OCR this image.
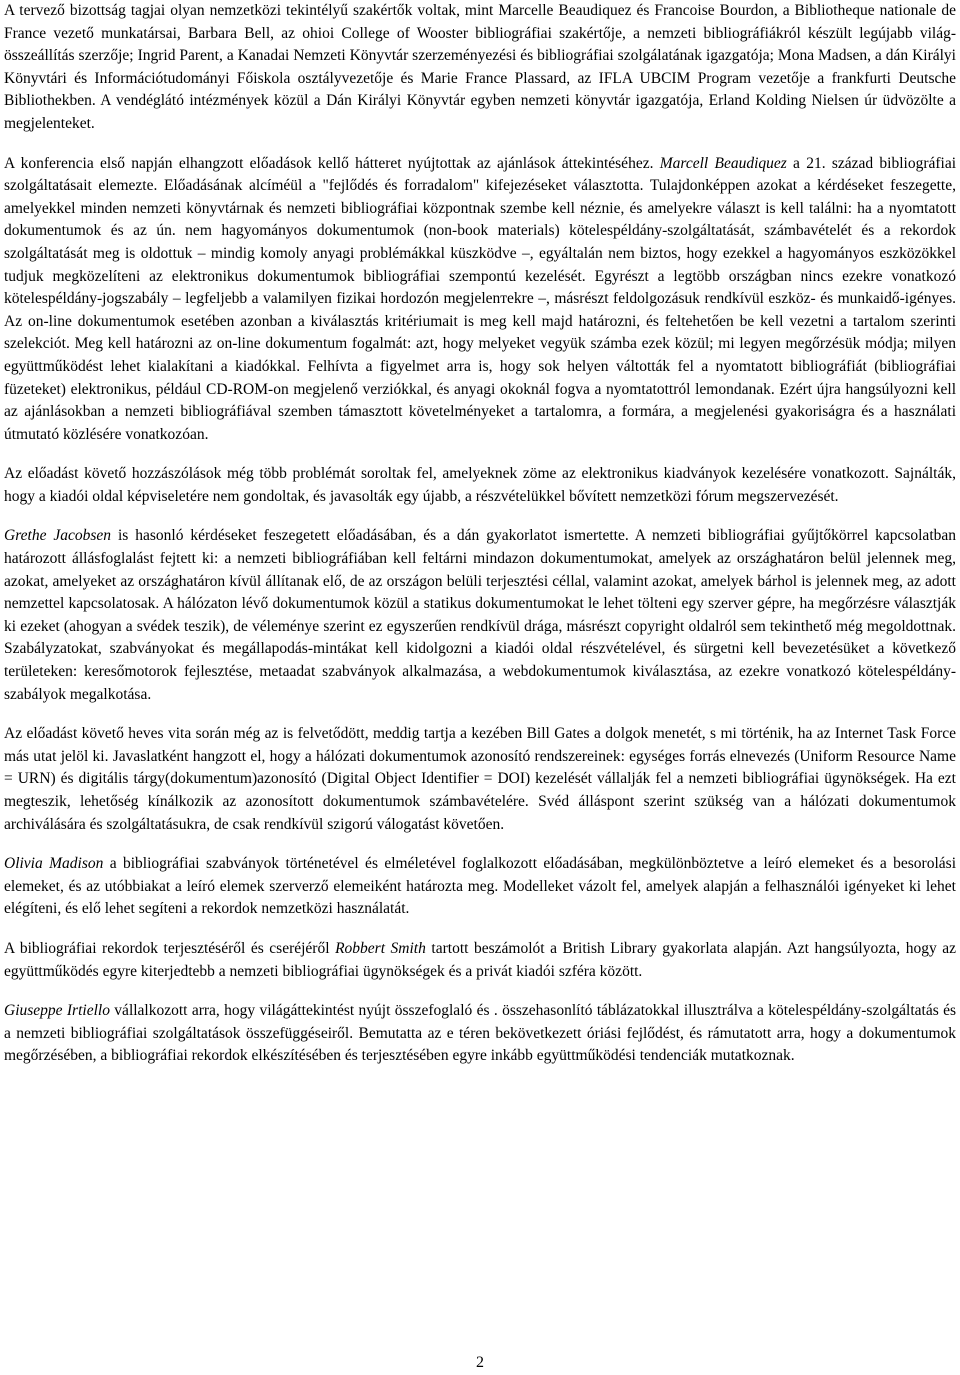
A tervező bizottság tagjai olyan nemzetközi tekintélyű szakértők voltak, mint Marcelle Beaudiquez és Francoise Bourdon, a Bibliotheque nationale de France vezető munkatársai, Barbara Bell, az ohioi College of Wooster bibliográfiai szakértője, a nemzeti bibliográfiákról készült legújabb világ-összeállítás szerzője; Ingrid Parent, a Kanadai Nemzeti Könyvtár szerzeményezési és bibliográfiai szolgálatának igazgatója; Mona Madsen, a dán Királyi Könyvtári és Információtudományi Főiskola osztályvezetője és Marie France Plassard, az IFLA UBCIM Program vezetője a frankfurti Deutsche Bibliothekben. A vendéglátó intézmények közül a Dán Királyi Könyvtár egyben nemzeti könyvtár igazgatója, Erland Kolding Nielsen úr üdvözölte a megjelenteket.

A konferencia első napján elhangzott előadások kellő hátteret nyújtottak az ajánlások áttekintéséhez. Marcell Beaudiquez a 21. század bibliográfiai szolgáltatásait elemezte. Előadásának alcíméül a "fejlődés és forradalom" kifejezéseket választotta. Tulajdonképpen azokat a kérdéseket feszegette, amelyekkel minden nemzeti könyvtárnak és nemzeti bibliográfiai központnak szembe kell néznie, és amelyekre választ is kell találni: ha a nyomtatott dokumentumok és az ún. nem hagyományos dokumentumok (non-book materials) kötelespéldány-szolgáltatását, számbavételét és a rekordok szolgáltatását meg is oldottuk – mindig komoly anyagi problémákkal küszködve –, egyáltalán nem biztos, hogy ezekkel a hagyományos eszközökkel tudjuk megközelíteni az elektronikus dokumentumok bibliográfiai szempontú kezelését. Egyrészt a legtöbb országban nincs ezekre vonatkozó kötelespéldány-jogszabály – legfeljebb a valamilyen fizikai hordozón megjelenтekre –, másrészt feldolgozásuk rendkívül eszköz- és munkaidő-igényes. Az on-line dokumentumok esetében azonban a kiválasztás kritériumait is meg kell majd határozni, és feltehetően be kell vezetni a tartalom szerinti szelekciót. Meg kell határozni az on-line dokumentum fogalmát: azt, hogy melyeket vegyük számba ezek közül; mi legyen megőrzésük módja; milyen együttműködést lehet kialakítani a kiadókkal. Felhívta a figyelmet arra is, hogy sok helyen váltották fel a nyomtatott bibliográfiát (bibliográfiai füzeteket) elektronikus, például CD-ROM-on megjelenő verziókkal, és anyagi okoknál fogva a nyomtatottról lemondanak. Ezért újra hangsúlyozni kell az ajánlásokban a nemzeti bibliográfiával szemben támasztott követelményeket a tartalomra, a formára, a megjelenési gyakoriságra és a használati útmutató közlésére vonatkozóan.

Az előadást követő hozzászólások még több problémát soroltak fel, amelyeknek zöme az elektronikus kiadványok kezelésére vonatkozott. Sajnálták, hogy a kiadói oldal képviseletére nem gondoltak, és javasolták egy újabb, a részvételükkel bővített nemzetközi fórum megszervezését.

Grethe Jacobsen is hasonló kérdéseket feszegetett előadásában, és a dán gyakorlatot ismertette. A nemzeti bibliográfiai gyűjtőkörrel kapcsolatban határozott állásfoglalást fejtett ki: a nemzeti bibliográfiában kell feltárni mindazon dokumentumokat, amelyek az országhatáron belül jelennek meg, azokat, amelyeket az országhatáron kívül állítanak elő, de az országon belüli terjesztési céllal, valamint azokat, amelyek bárhol is jelennek meg, az adott nemzettel kapcsolatosak. A hálózaton lévő dokumentumok közül a statikus dokumentumokat le lehet tölteni egy szerver gépre, ha megőrzésre választják ki ezeket (ahogyan a svédek teszik), de véleménye szerint ez egyszerűen rendkívül drága, másrészt copyright oldalról sem tekinthető még megoldottnak. Szabályzatokat, szabványokat és megállapodás-mintákat kell kidolgozni a kiadói oldal részvételével, és sürgetni kell bevezetésüket a következő területeken: keresőmotorok fejlesztése, metaadat szabványok alkalmazása, a webdokumentumok kiválasztása, az ezekre vonatkozó kötelespéldány-szabályok megalkotása.

Az előadást követő heves vita során még az is felvetődött, meddig tartja a kezében Bill Gates a dolgok menetét, s mi történik, ha az Internet Task Force más utat jelöl ki. Javaslatként hangzott el, hogy a hálózati dokumentumok azonosító rendszereinek: egységes forrás elnevezés (Uniform Resource Name = URN) és digitális tárgy(dokumentum)azonosító (Digital Object Identifier = DOI) kezelését vállalják fel a nemzeti bibliográfiai ügynökségek. Ha ezt megteszik, lehetőség kínálkozik az azonosított dokumentumok számbavételére. Svéd álláspont szerint szükség van a hálózati dokumentumok archiválására és szolgáltatásukra, de csak rendkívül szigorú válogatást követően.

Olivia Madison a bibliográfiai szabványok történetével és elméletével foglalkozott előadásában, megkülönböztetve a leíró elemeket és a besorolási elemeket, és az utóbbiakat a leíró elemek szerverző elemeiként határozta meg. Modelleket vázolt fel, amelyek alapján a felhasználói igényeket ki lehet elégíteni, és elő lehet segíteni a rekordok nemzetközi használatát.

A bibliográfiai rekordok terjesztéséről és cseréjéről Robbert Smith tartott beszámolót a British Library gyakorlata alapján. Azt hangsúlyozta, hogy az együttműködés egyre kiterjedtebb a nemzeti bibliográfiai ügynökségek és a privát kiadói szféra között.

Giuseppe Irtiello vállalkozott arra, hogy világáttekintést nyújt összefoglaló és . összehasonlító táblázatokkal illusztrálva a kötelespéldány-szolgáltatás és a nemzeti bibliográfiai szolgáltatások összefüggéseiről. Bemutatta az e téren bekövetkezett óriási fejlődést, és rámutatott arra, hogy a dokumentumok megőrzésében, a bibliográfiai rekordok elkészítésében és terjesztésében egyre inkább együttműködési tendenciák mutatkoznak.

2
